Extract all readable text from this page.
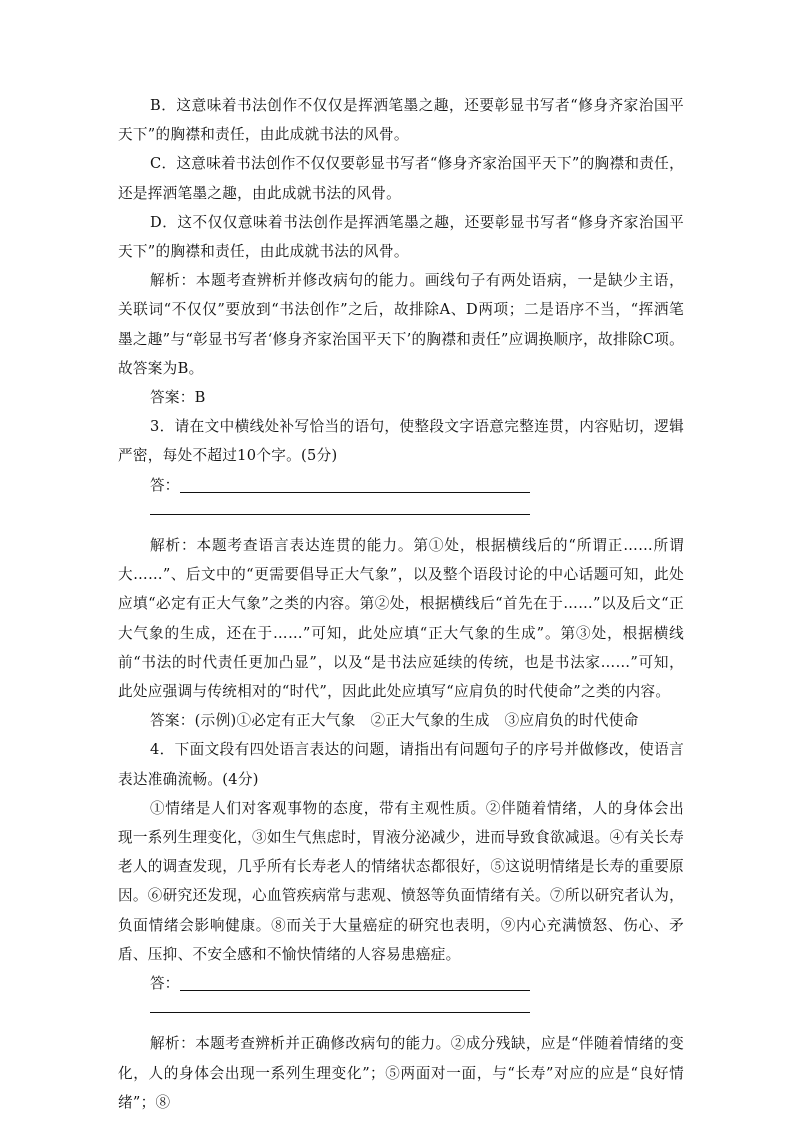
B．这意味着书法创作不仅仅是挥洒笔墨之趣，还要彰显书写者“修身齐家治国平天下”的胸襟和责任，由此成就书法的风骨。

C．这意味着书法创作不仅仅要彰显书写者“修身齐家治国平天下”的胸襟和责任，还是挥洒笔墨之趣，由此成就书法的风骨。

D．这不仅仅意味着书法创作是挥洒笔墨之趣，还要彰显书写者“修身齐家治国平天下”的胸襟和责任，由此成就书法的风骨。

解析：本题考查辨析并修改病句的能力。画线句子有两处语病，一是缺少主语，关联词“不仅仅”要放到“书法创作”之后，故排除A、D两项；二是语序不当，“挥洒笔墨之趣”与“彰显书写者‘修身齐家治国平天下’的胸襟和责任”应调换顺序，故排除C项。故答案为B。

答案：B

3．请在文中横线处补写恰当的语句，使整段文字语意完整连贯，内容贴切，逻辑严密，每处不超过10个字。(5分)

答：

解析：本题考查语言表达连贯的能力。第①处，根据横线后的“所谓正……所谓大……”、后文中的“更需要倡导正大气象”，以及整个语段讨论的中心话题可知，此处应填“必定有正大气象”之类的内容。第②处，根据横线后“首先在于……”以及后文“正大气象的生成，还在于……”可知，此处应填“正大气象的生成”。第③处，根据横线前“书法的时代责任更加凸显”，以及“是书法应延续的传统，也是书法家……”可知，此处应强调与传统相对的“时代”，因此此处应填写“应肩负的时代使命”之类的内容。

答案：(示例)①必定有正大气象　②正大气象的生成　③应肩负的时代使命

4．下面文段有四处语言表达的问题，请指出有问题句子的序号并做修改，使语言表达准确流畅。(4分)

①情绪是人们对客观事物的态度，带有主观性质。②伴随着情绪，人的身体会出现一系列生理变化，③如生气焦虑时，胃液分泌减少，进而导致食欲减退。④有关长寿老人的调查发现，几乎所有长寿老人的情绪状态都很好，⑤这说明情绪是长寿的重要原因。⑥研究还发现，心血管疾病常与悲观、愤怒等负面情绪有关。⑦所以研究者认为，负面情绪会影响健康。⑧而关于大量癌症的研究也表明，⑨内心充满愤怒、伤心、矛盾、压抑、不安全感和不愉快情绪的人容易患癌症。

答：

解析：本题考查辨析并正确修改病句的能力。②成分残缺，应是“伴随着情绪的变化，人的身体会出现一系列生理变化”；⑤两面对一面，与“长寿”对应的应是“良好情绪”；⑧
